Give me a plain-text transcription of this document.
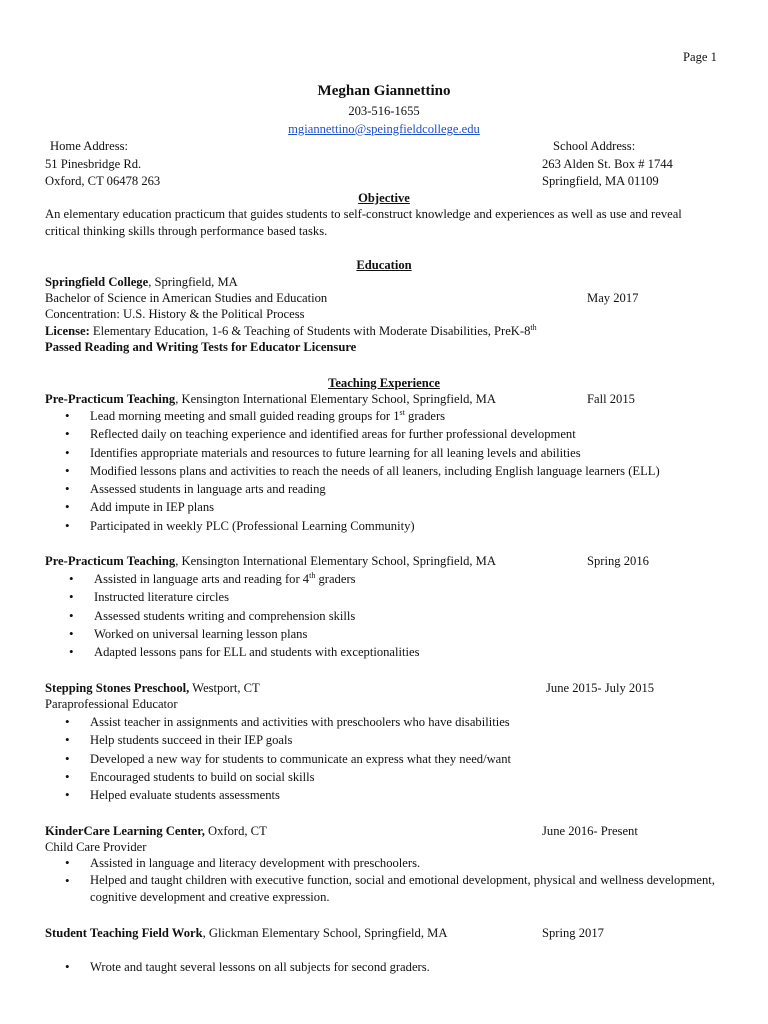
Page 1
Meghan Giannettino
203-516-1655
mgiannettino@speingfieldcollege.edu
Home Address:
51 Pinesbridge Rd.
Oxford, CT 06478 263
School Address:
263 Alden St. Box # 1744
Springfield, MA 01109
Objective
An elementary education practicum that guides students to self-construct knowledge and experiences as well as use and reveal critical thinking skills through performance based tasks.
Education
Springfield College, Springfield, MA
Bachelor of Science in American Studies and Education	May 2017
Concentration: U.S. History & the Political Process
License: Elementary Education, 1-6 & Teaching of Students with Moderate Disabilities, PreK-8th
Passed Reading and Writing Tests for Educator Licensure
Teaching Experience
Pre-Practicum Teaching, Kensington International Elementary School, Springfield, MA	Fall 2015
• Lead morning meeting and small guided reading groups for 1st graders
• Reflected daily on teaching experience and identified areas for further professional development
• Identifies appropriate materials and resources to future learning for all leaning levels and abilities
• Modified lessons plans and activities to reach the needs of all leaners, including English language learners (ELL)
• Assessed students in language arts and reading
• Add impute in IEP plans
• Participated in weekly PLC (Professional Learning Community)
Pre-Practicum Teaching, Kensington International Elementary School, Springfield, MA	Spring 2016
• Assisted in language arts and reading for 4th graders
• Instructed literature circles
• Assessed students writing and comprehension skills
• Worked on universal learning lesson plans
• Adapted lessons pans for ELL and students with exceptionalities
Stepping Stones Preschool, Westport, CT	June 2015- July 2015
Paraprofessional Educator
• Assist teacher in assignments and activities with preschoolers who have disabilities
• Help students succeed in their IEP goals
• Developed a new way for students to communicate an express what they need/want
• Encouraged students to build on social skills
• Helped evaluate students assessments
KinderCare Learning Center, Oxford, CT	June 2016- Present
Child Care Provider
• Assisted in language and literacy development with preschoolers.
• Helped and taught children with executive function, social and emotional development, physical and wellness development, cognitive development and creative expression.
Student Teaching Field Work, Glickman Elementary School, Springfield, MA	Spring 2017
• Wrote and taught several lessons on all subjects for second graders.
